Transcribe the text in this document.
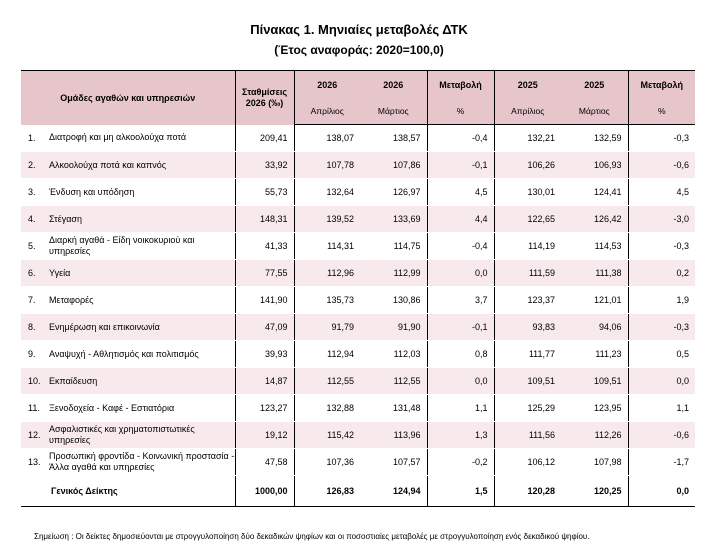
Πίνακας 1. Μηνιαίες μεταβολές ΔΤΚ
(Έτος αναφοράς: 2020=100,0)
Ομάδες αγαθών και υπηρεσιών		Σταθμίσεις 2026 (‰)	2026	2026	Μεταβολή	2025	2025	Μεταβολή
			Απρίλιος	Μάρτιος	%	Απρίλιος	Μάρτιος	%
1.	Διατροφή και μη αλκοολούχα ποτά	209,41	138,07	138,57	-0,4	132,21	132,59	-0,3
2.	Αλκοολούχα ποτά και καπνός	33,92	107,78	107,86	-0,1	106,26	106,93	-0,6
3.	Ένδυση και υπόδηση	55,73	132,64	126,97	4,5	130,01	124,41	4,5
4.	Στέγαση	148,31	139,52	133,69	4,4	122,65	126,42	-3,0
5.	Διαρκή αγαθά - Είδη νοικοκυριού και υπηρεσίες	41,33	114,31	114,75	-0,4	114,19	114,53	-0,3
6.	Υγεία	77,55	112,96	112,99	0,0	111,59	111,38	0,2
7.	Μεταφορές	141,90	135,73	130,86	3,7	123,37	121,01	1,9
8.	Ενημέρωση και επικοινωνία	47,09	91,79	91,90	-0,1	93,83	94,06	-0,3
9.	Αναψυχή - Αθλητισμός και πολιτισμός	39,93	112,94	112,03	0,8	111,77	111,23	0,5
10.	Εκπαίδευση	14,87	112,55	112,55	0,0	109,51	109,51	0,0
11.	Ξενοδοχεία - Καφέ - Εστιατόρια	123,27	132,88	131,48	1,1	125,29	123,95	1,1
12.	Ασφαλιστικές και χρηματοπιστωτικές υπηρεσίες	19,12	115,42	113,96	1,3	111,56	112,26	-0,6
13.	Προσωπική φροντίδα - Κοινωνική προστασία - Άλλα αγαθά και υπηρεσίες	47,58	107,36	107,57	-0,2	106,12	107,98	-1,7
Γενικός Δείκτης		1000,00	126,83	124,94	1,5	120,28	120,25	0,0
Σημείωση : Οι δείκτες δημοσιεύονται με στρογγυλοποίηση δύο δεκαδικών ψηφίων και οι ποσοστιαίες μεταβολές με στρογγυλοποίηση ενός δεκαδικού ψηφίου.
